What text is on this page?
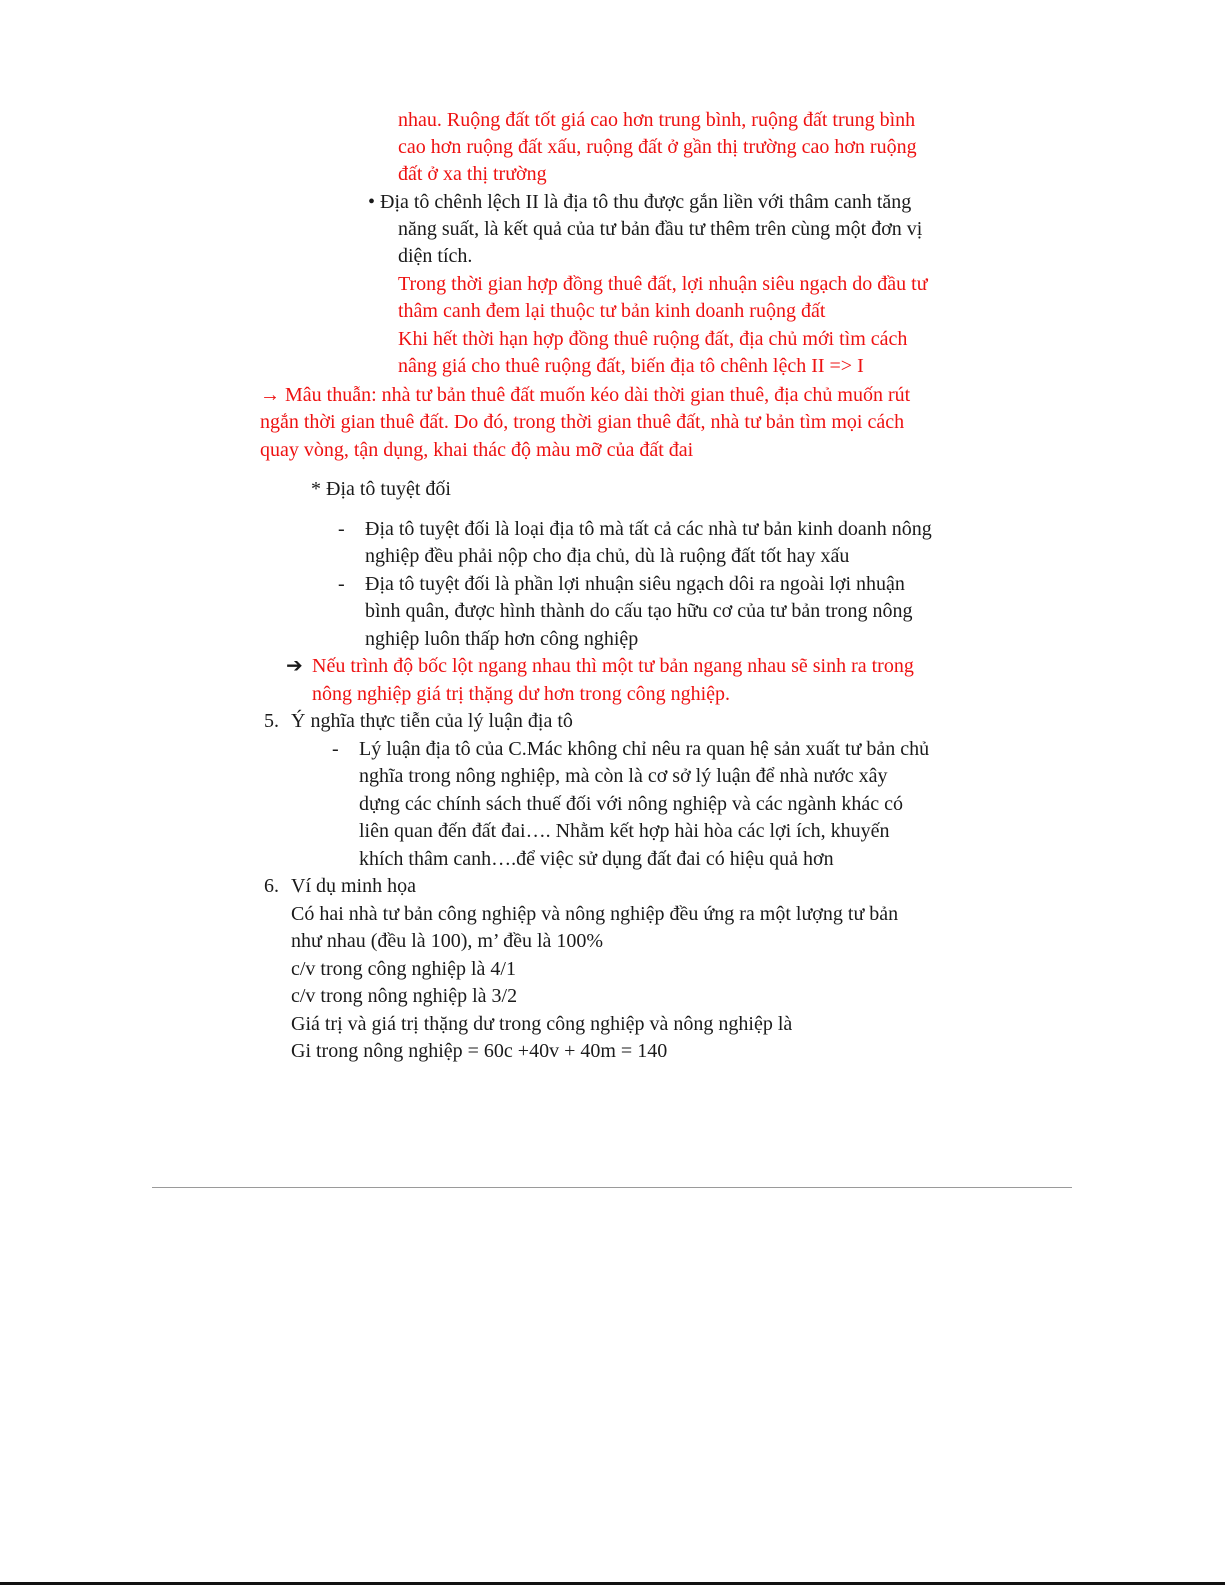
nhau. Ruộng đất tốt giá cao hơn trung bình, ruộng đất trung bình
cao hơn ruộng đất xấu, ruộng đất ở gần thị trường cao hơn ruộng
đất ở xa thị trường
• Địa tô chênh lệch II là địa tô thu được gắn liền với thâm canh tăng
năng suất, là kết quả của tư bản đầu tư thêm trên cùng một đơn vị
diện tích.
Trong thời gian hợp đồng thuê đất, lợi nhuận siêu ngạch do đầu tư
thâm canh đem lại thuộc tư bản kinh doanh ruộng đất
Khi hết thời hạn hợp đồng thuê ruộng đất, địa chủ mới tìm cách
nâng giá cho thuê ruộng đất, biến địa tô chênh lệch II => I
→ Mâu thuẫn: nhà tư bản thuê đất muốn kéo dài thời gian thuê, địa chủ muốn rút
ngắn thời gian thuê đất. Do đó, trong thời gian thuê đất, nhà tư bản tìm mọi cách
quay vòng, tận dụng, khai thác độ màu mỡ của đất đai
* Địa tô tuyệt đối
- Địa tô tuyệt đối là loại địa tô mà tất cả các nhà tư bản kinh doanh nông
nghiệp đều phải nộp cho địa chủ, dù là ruộng đất tốt hay xấu
- Địa tô tuyệt đối là phần lợi nhuận siêu ngạch dôi ra ngoài lợi nhuận
bình quân, được hình thành do cấu tạo hữu cơ của tư bản trong nông
nghiệp luôn thấp hơn công nghiệp
➔ Nếu trình độ bốc lột ngang nhau thì một tư bản ngang nhau sẽ sinh ra trong
nông nghiệp giá trị thặng dư hơn trong công nghiệp.
5. Ý nghĩa thực tiễn của lý luận địa tô
- Lý luận địa tô của C.Mác không chỉ nêu ra quan hệ sản xuất tư bản chủ
nghĩa trong nông nghiệp, mà còn là cơ sở lý luận để nhà nước xây
dựng các chính sách thuế đối với nông nghiệp và các ngành khác có
liên quan đến đất đai…. Nhằm kết hợp hài hòa các lợi ích, khuyến
khích thâm canh….để việc sử dụng đất đai có hiệu quả hơn
6. Ví dụ minh họa
Có hai nhà tư bản công nghiệp và nông nghiệp đều ứng ra một lượng tư bản
như nhau (đều là 100), m’ đều là 100%
c/v trong công nghiệp là 4/1
c/v trong nông nghiệp là 3/2
Giá trị và giá trị thặng dư trong công nghiệp và nông nghiệp là
Gi trong nông nghiệp = 60c +40v + 40m = 140
